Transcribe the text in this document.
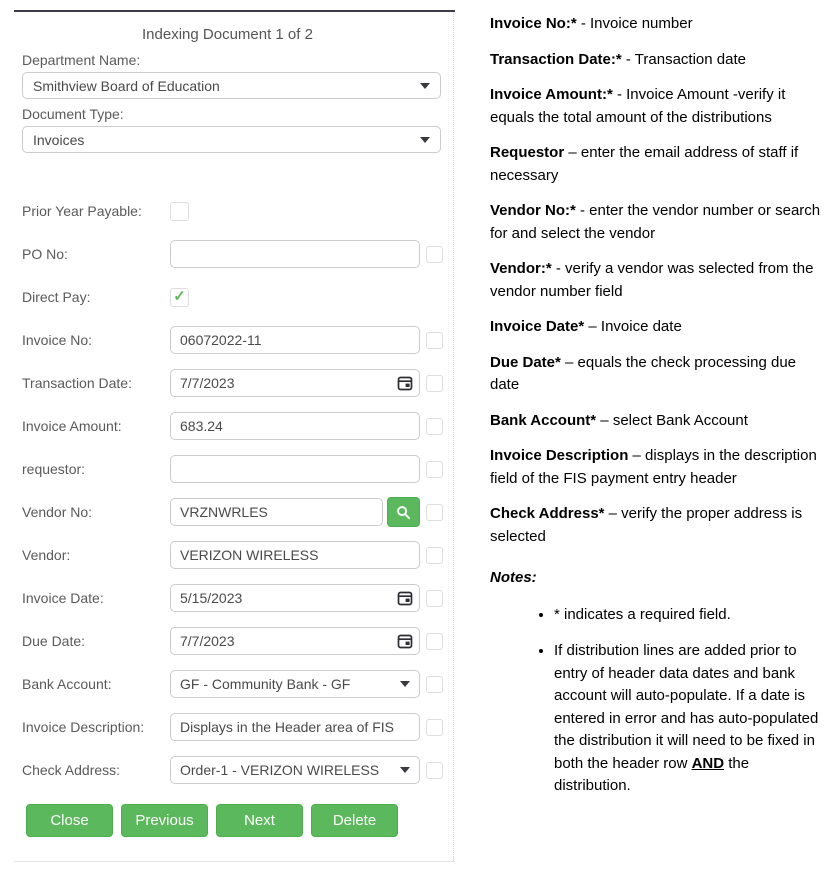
Indexing Document 1 of 2
Department Name:
Smithview Board of Education
Document Type:
Invoices
Prior Year Payable:
PO No:
Direct Pay:	✓
Invoice No:
06072022-11
Transaction Date:
7/7/2023
Invoice Amount:
683.24
requestor:
Vendor No:
VRZNWRLES
Vendor:
VERIZON WIRELESS
Invoice Date:
5/15/2023
Due Date:
7/7/2023
Bank Account:	GF - Community Bank - GF
Invoice Description:
Displays in the Header area of FIS
Check Address:	Order-1 - VERIZON WIRELESS
Close	Previous	Next	Delete

Invoice No:* - Invoice number

Transaction Date:* - Transaction date

Invoice Amount:* - Invoice Amount -verify it equals the total amount of the distributions

Requestor – enter the email address of staff if necessary

Vendor No:* - enter the vendor number or search for and select the vendor

Vendor:* - verify a vendor was selected from the vendor number field

Invoice Date* – Invoice date

Due Date* – equals the check processing due date

Bank Account* – select Bank Account

Invoice Description – displays in the description field of the FIS payment entry header

Check Address* – verify the proper address is selected

Notes:

• * indicates a required field.
• If distribution lines are added prior to entry of header data dates and bank account will auto-populate. If a date is entered in error and has auto-populated the distribution it will need to be fixed in both the header row AND the distribution.
